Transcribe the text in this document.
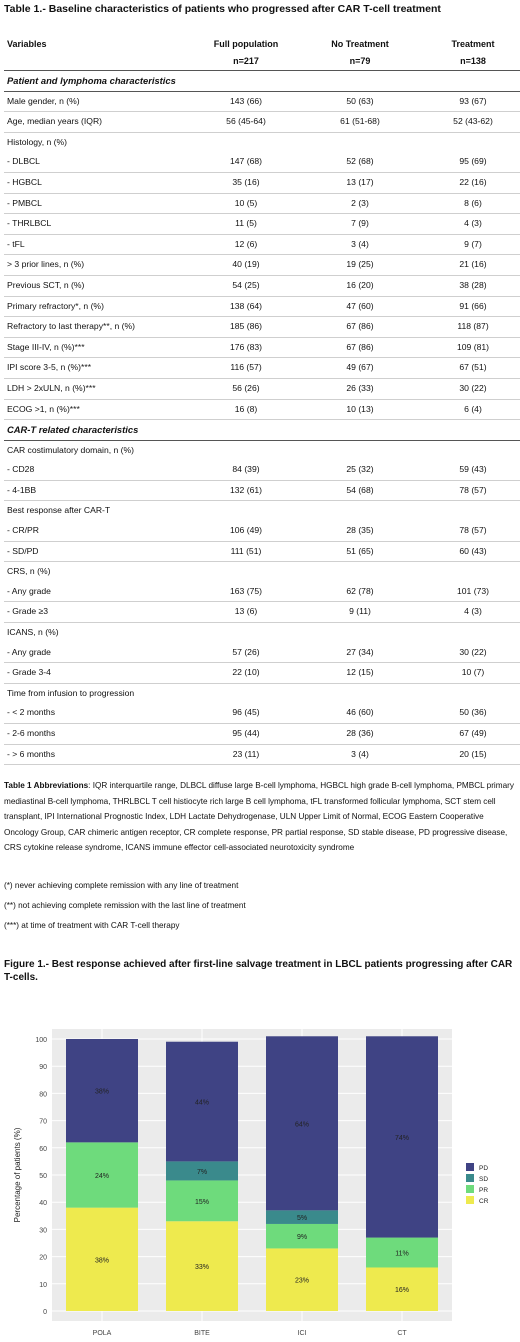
Table 1.- Baseline characteristics of patients who progressed after CAR T-cell treatment
Variables	Full population	No Treatment	Treatment
	n=217	n=79	n=138
Patient and lymphoma characteristics			
Male gender, n (%)	143 (66)	50 (63)	93 (67)
Age, median years (IQR)	56 (45-64)	61 (51-68)	52 (43-62)
Histology, n (%)			
- DLBCL	147 (68)	52 (68)	95 (69)
- HGBCL	35 (16)	13 (17)	22 (16)
- PMBCL	10 (5)	2 (3)	8 (6)
- THRLBCL	11 (5)	7 (9)	4 (3)
- tFL	12 (6)	3 (4)	9 (7)
> 3 prior lines, n (%)	40 (19)	19 (25)	21 (16)
Previous SCT, n (%)	54 (25)	16 (20)	38 (28)
Primary refractory*, n (%)	138 (64)	47 (60)	91 (66)
Refractory to last therapy**, n (%)	185 (86)	67 (86)	118 (87)
Stage III-IV, n (%)***	176 (83)	67 (86)	109 (81)
IPI score 3-5, n (%)***	116 (57)	49 (67)	67 (51)
LDH > 2xULN, n (%)***	56 (26)	26 (33)	30 (22)
ECOG >1, n (%)***	16 (8)	10 (13)	6 (4)
CAR-T related characteristics			
CAR costimulatory domain, n (%)			
- CD28	84 (39)	25 (32)	59 (43)
- 4-1BB	132 (61)	54 (68)	78 (57)
Best response after CAR-T			
- CR/PR	106 (49)	28 (35)	78 (57)
- SD/PD	111 (51)	51 (65)	60 (43)
CRS, n (%)			
- Any grade	163 (75)	62 (78)	101 (73)
- Grade ≥3	13 (6)	9 (11)	4 (3)
ICANS, n (%)			
- Any grade	57 (26)	27 (34)	30 (22)
- Grade 3-4	22 (10)	12 (15)	10 (7)
Time from infusion to progression			
- < 2 months	96 (45)	46 (60)	50 (36)
- 2-6 months	95 (44)	28 (36)	67 (49)
- > 6 months	23 (11)	3 (4)	20 (15)
Table 1 Abbreviations: IQR interquartile range, DLBCL diffuse large B-cell lymphoma, HGBCL high grade B-cell lymphoma, PMBCL primary mediastinal B-cell lymphoma, THRLBCL T cell histiocyte rich large B cell lymphoma, tFL transformed follicular lymphoma, SCT stem cell transplant, IPI International Prognostic Index, LDH Lactate Dehydrogenase, ULN Upper Limit of Normal, ECOG Eastern Cooperative Oncology Group, CAR chimeric antigen receptor, CR complete response, PR partial response, SD stable disease, PD progressive disease, CRS cytokine release syndrome, ICANS immune effector cell-associated neurotoxicity syndrome
(*) never achieving complete remission with any line of treatment
(**) not achieving complete remission with the last line of treatment
(***) at time of treatment with CAR T-cell therapy
Figure 1.- Best response achieved after first-line salvage treatment in LBCL patients progressing after CAR T-cells.
0
10
20
30
40
50
60
70
80
90
100
38%
24%
38%
POLA
33%
15%
7%
44%
BITE
23%
9%
5%
64%
ICI
16%
11%
74%
CT
Percentage of patients (%)	PD
SD
PR
CR
